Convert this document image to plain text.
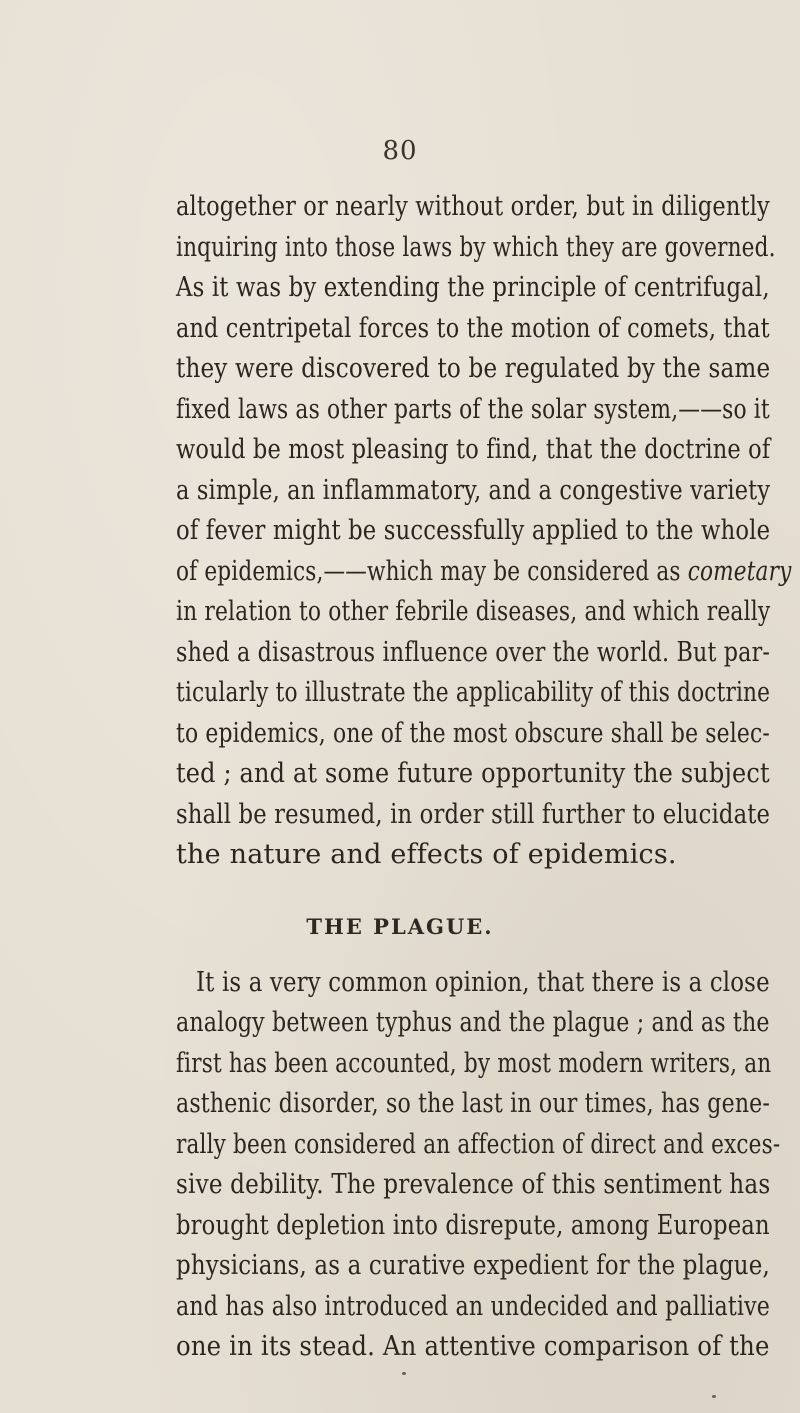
80
altogether or nearly without order, but in diligently
inquiring into those laws by which they are governed.
As it was by extending the principle of centrifugal,
and centripetal forces to the motion of comets, that
they were discovered to be regulated by the same
fixed laws as other parts of the solar system,——so it
would be most pleasing to find, that the doctrine of
a simple, an inflammatory, and a congestive variety
of fever might be successfully applied to the whole
of epidemics,——which may be considered as cometary
in relation to other febrile diseases, and which really
shed a disastrous influence over the world. But par-
ticularly to illustrate the applicability of this doctrine
to epidemics, one of the most obscure shall be selec-
ted ; and at some future opportunity the subject
shall be resumed, in order still further to elucidate
the nature and effects of epidemics.
THE PLAGUE.
It is a very common opinion, that there is a close
analogy between typhus and the plague ; and as the
first has been accounted, by most modern writers, an
asthenic disorder, so the last in our times, has gene-
rally been considered an affection of direct and exces-
sive debility. The prevalence of this sentiment has
brought depletion into disrepute, among European
physicians, as a curative expedient for the plague,
and has also introduced an undecided and palliative
one in its stead. An attentive comparison of the
